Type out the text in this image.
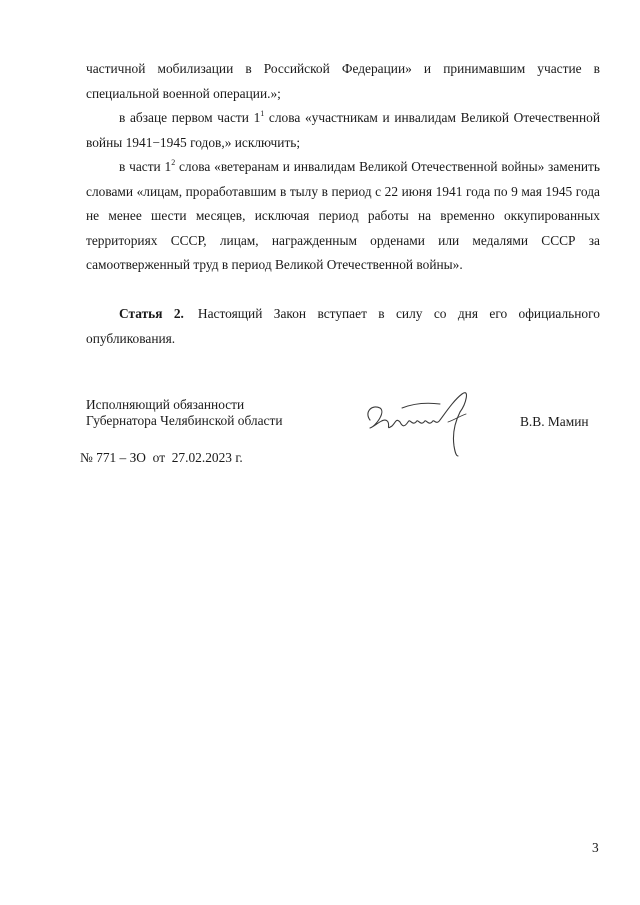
частичной мобилизации в Российской Федерации» и принимавшим участие в специальной военной операции.»;

в абзаце первом части $1^1$ слова «участникам и инвалидам Великой Отечественной войны 1941−1945 годов,» исключить;

в части $1^2$ слова «ветеранам и инвалидам Великой Отечественной войны» заменить словами «лицам, проработавшим в тылу в период с 22 июня 1941 года по 9 мая 1945 года не менее шести месяцев, исключая период работы на временно оккупированных территориях СССР, лицам, награжденным орденами или медалями СССР за самоотверженный труд в период Великой Отечественной войны».

Статья 2. Настоящий Закон вступает в силу со дня его официального опубликования.

Исполняющий обязанности
Губернатора Челябинской области	В.В. Мамин
№ 771 – ЗО  от  27.02.2023 г.
3
